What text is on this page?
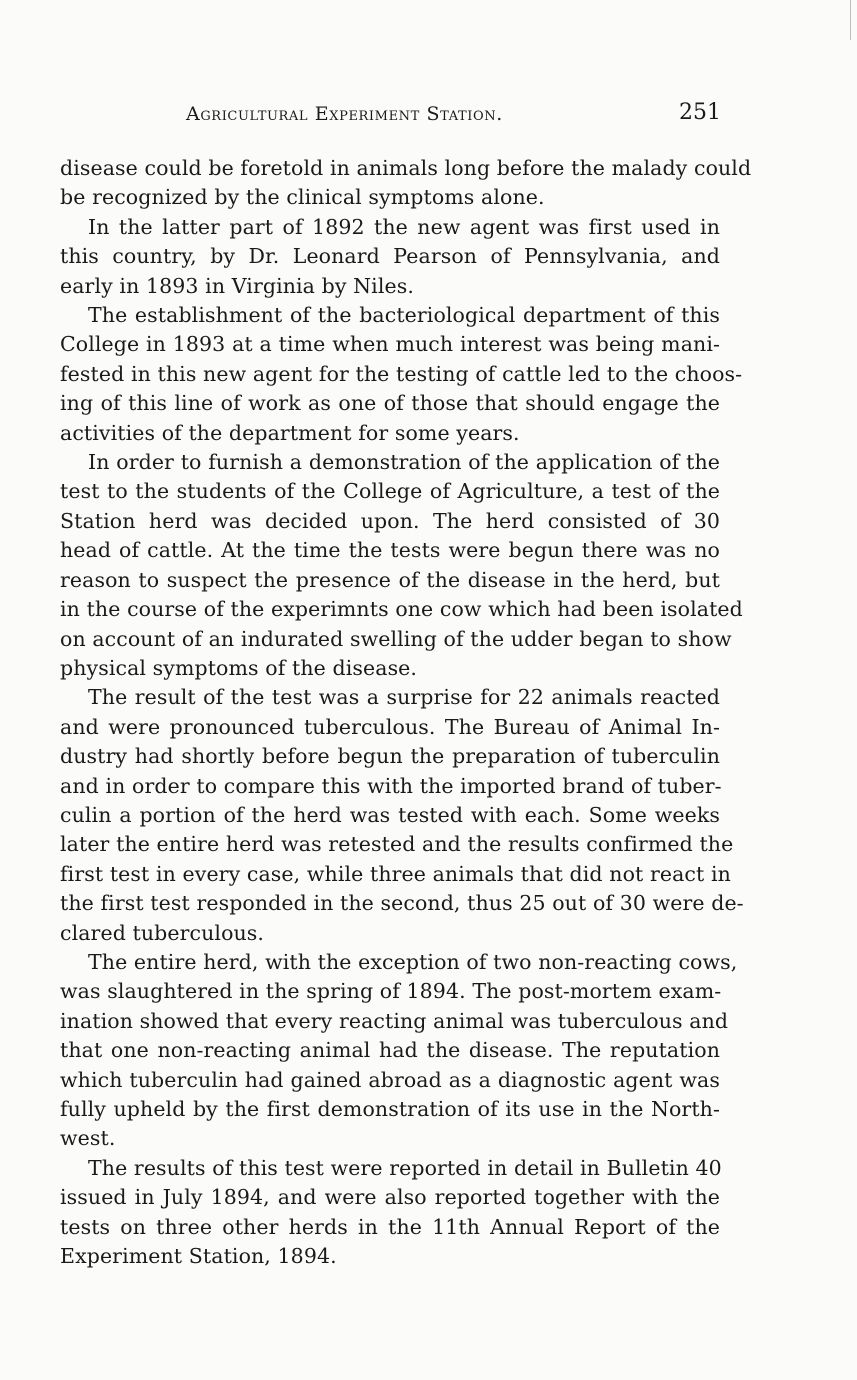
Agricultural Experiment Station.	251

disease could be foretold in animals long before the malady could
be recognized by the clinical symptoms alone.

In the latter part of 1892 the new agent was first used in
this country, by Dr. Leonard Pearson of Pennsylvania, and
early in 1893 in Virginia by Niles.

The establishment of the bacteriological department of this
College in 1893 at a time when much interest was being mani-
fested in this new agent for the testing of cattle led to the choos-
ing of this line of work as one of those that should engage the
activities of the department for some years.

In order to furnish a demonstration of the application of the
test to the students of the College of Agriculture, a test of the
Station herd was decided upon. The herd consisted of 30
head of cattle. At the time the tests were begun there was no
reason to suspect the presence of the disease in the herd, but
in the course of the experimnts one cow which had been isolated
on account of an indurated swelling of the udder began to show
physical symptoms of the disease.

The result of the test was a surprise for 22 animals reacted
and were pronounced tuberculous. The Bureau of Animal In-
dustry had shortly before begun the preparation of tuberculin
and in order to compare this with the imported brand of tuber-
culin a portion of the herd was tested with each. Some weeks
later the entire herd was retested and the results confirmed the
first test in every case, while three animals that did not react in
the first test responded in the second, thus 25 out of 30 were de-
clared tuberculous.

The entire herd, with the exception of two non-reacting cows,
was slaughtered in the spring of 1894. The post-mortem exam-
ination showed that every reacting animal was tuberculous and
that one non-reacting animal had the disease. The reputation
which tuberculin had gained abroad as a diagnostic agent was
fully upheld by the first demonstration of its use in the North-
west.

The results of this test were reported in detail in Bulletin 40
issued in July 1894, and were also reported together with the
tests on three other herds in the 11th Annual Report of the
Experiment Station, 1894.
